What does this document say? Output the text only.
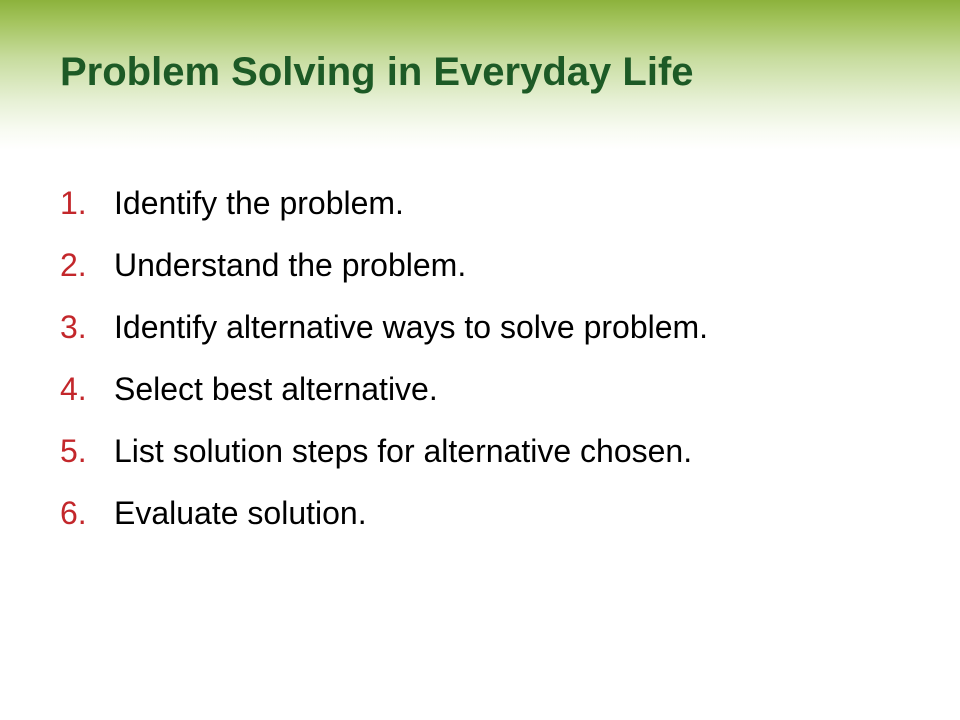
Problem Solving in Everyday Life
1. Identify the problem.
2. Understand the problem.
3. Identify alternative ways to solve problem.
4. Select best alternative.
5. List solution steps for alternative chosen.
6. Evaluate solution.
